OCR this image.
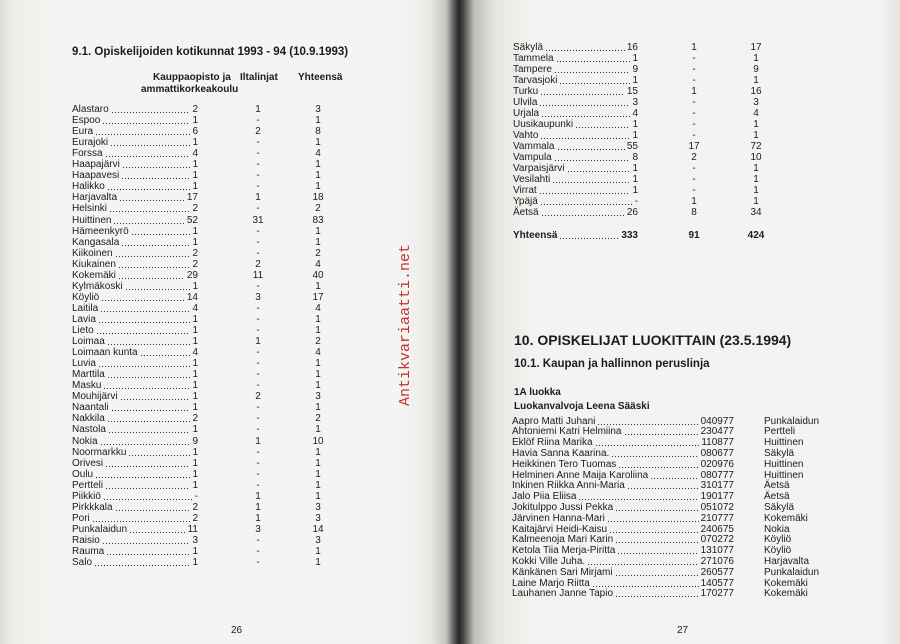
9.1. Opiskelijoiden kotikunnat 1993 - 94 (10.9.1993)
Kauppaopisto ja
ammattikorkeakoulu
Iltalinjat Yhteensä
Alastaro	2	1	3
Espoo	1	-	1
Eura	6	2	8
Eurajoki	1	-	1
Forssa	4	-	4
Haapajärvi	1	-	1
Haapavesi	1	-	1
Halikko	1	-	1
Harjavalta	17	1	18
Helsinki	2	-	2
Huittinen	52	31	83
Hämeenkyrö	1	-	1
Kangasala	1	-	1
Kiikoinen	2	-	2
Kiukainen	2	2	4
Kokemäki	29	11	40
Kylmäkoski	1	-	1
Köyliö	14	3	17
Laitila	4	-	4
Lavia	1	-	1
Lieto	1	-	1
Loimaa	1	1	2
Loimaan kunta	4	-	4
Luvia	1	-	1
Marttila	1	-	1
Masku	1	-	1
Mouhijärvi	1	2	3
Naantali	1	-	1
Nakkila	2	-	2
Nastola	1	-	1
Nokia	9	1	10
Noormarkku	1	-	1
Orivesi	1	-	1
Oulu	1	-	1
Pertteli	1	-	1
Piikkiö	-	1	1
Pirkkkala	2	1	3
Pori	2	1	3
Punkalaidun	11	3	14
Raisio	3	-	3
Rauma	1	-	1
Salo	1	-	1
26
Antikvariaatti.net
Säkylä	16	1	17
Tammela	1	-	1
Tampere	9	-	9
Tarvasjoki	1	-	1
Turku	15	1	16
Ulvila	3	-	3
Urjala	4	-	4
Uusikaupunki	1	-	1
Vahto	1	-	1
Vammala	55	17	72
Vampula	8	2	10
Varpaisjärvi	1	-	1
Vesilahti	1	-	1
Virrat	1	-	1
Ypäjä	-	1	1
Äetsä	26	8	34
Yhteensä	333	91	424
10. OPISKELIJAT LUOKITTAIN (23.5.1994)
10.1. Kaupan ja hallinnon peruslinja
1A luokka
Luokanvalvoja Leena Sääski
Aapro Matti Juhani	040977	Punkalaidun
Ahtoniemi Katri Helmiina	230477	Pertteli
Eklöf Riina Marika	110877	Huittinen
Havia Sanna Kaarina.	080677	Säkylä
Heikkinen Tero Tuomas	020976	Huittinen
Helminen Anne Maija Karoliina	080777	Huittinen
Inkinen Riikka Anni-Maria	310177	Äetsä
Jalo Piia Eliisa	190177	Äetsä
Jokitulppo Jussi Pekka	051072	Säkylä
Järvinen Hanna-Mari	210777	Kokemäki
Kaitajärvi Heidi-Kaisu	240675	Nokia
Kalmeenoja Mari Karin	070272	Köyliö
Ketola Tiia Merja-Piritta	131077	Köyliö
Kokki Ville Juha.	271076	Harjavalta
Känkänen Sari Mirjami	260577	Punkalaidun
Laine Marjo Riitta	140577	Kokemäki
Lauhanen Janne Tapio	170277	Kokemäki
27
